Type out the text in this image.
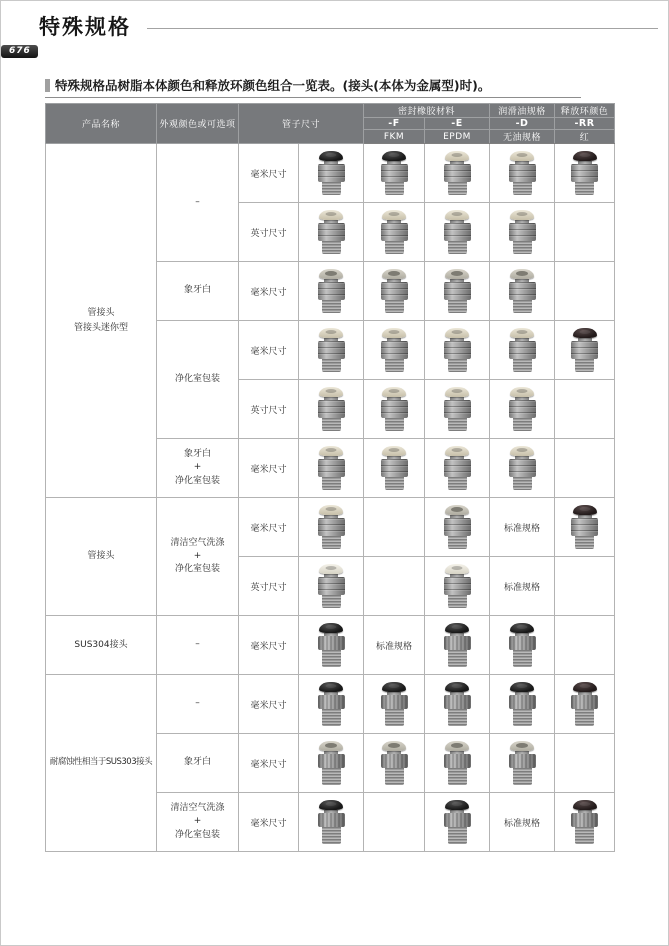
特殊规格
676
特殊规格品树脂本体颜色和释放环颜色组合一览表。(接头(本体为金属型)时)。
产品名称	外观颜色或可选项	管子尺寸		密封橡胶材料		润滑油规格	释放环颜色
				-F	-E	-D	-RR
				FKM	EPDM	无油规格	红

管接头
管接头迷你型	–	毫米尺寸	

		英寸尺寸	

	象牙白	毫米尺寸	

	净化室包装	毫米尺寸	

		英寸尺寸	

	象牙白
+
净化室包装	毫米尺寸	

管接头	清洁空气洗涤
+
净化室包装	毫米尺寸				标准规格	

		英寸尺寸				标准规格	

SUS304接头	–	毫米尺寸		标准规格	

耐腐蚀性相当于SUS303接头	–	毫米尺寸	

	象牙白	毫米尺寸	

	清洁空气洗涤
+
净化室包装	毫米尺寸				标准规格	
